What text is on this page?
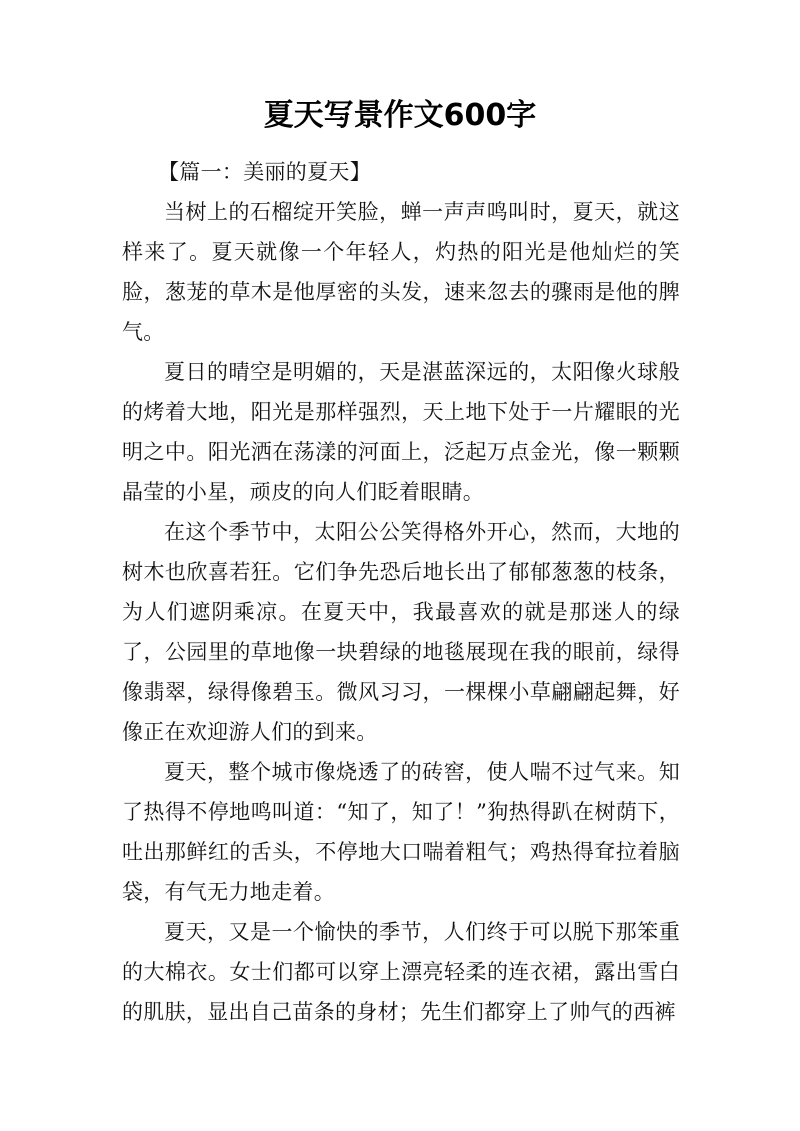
夏天写景作文600字

【篇一：美丽的夏天】

当树上的石榴绽开笑脸，蝉一声声鸣叫时，夏天，就这样来了。夏天就像一个年轻人，灼热的阳光是他灿烂的笑脸，葱茏的草木是他厚密的头发，速来忽去的骤雨是他的脾气。

夏日的晴空是明媚的，天是湛蓝深远的，太阳像火球般的烤着大地，阳光是那样强烈，天上地下处于一片耀眼的光明之中。阳光洒在荡漾的河面上，泛起万点金光，像一颗颗晶莹的小星，顽皮的向人们眨着眼睛。

在这个季节中，太阳公公笑得格外开心，然而，大地的树木也欣喜若狂。它们争先恐后地长出了郁郁葱葱的枝条，为人们遮阴乘凉。在夏天中，我最喜欢的就是那迷人的绿了，公园里的草地像一块碧绿的地毯展现在我的眼前，绿得像翡翠，绿得像碧玉。微风习习，一棵棵小草翩翩起舞，好像正在欢迎游人们的到来。

夏天，整个城市像烧透了的砖窖，使人喘不过气来。知了热得不停地鸣叫道：“知了，知了！”狗热得趴在树荫下，吐出那鲜红的舌头，不停地大口喘着粗气；鸡热得耷拉着脑袋，有气无力地走着。

夏天，又是一个愉快的季节，人们终于可以脱下那笨重的大棉衣。女士们都可以穿上漂亮轻柔的连衣裙，露出雪白的肌肤，显出自己苗条的身材；先生们都穿上了帅气的西裤
